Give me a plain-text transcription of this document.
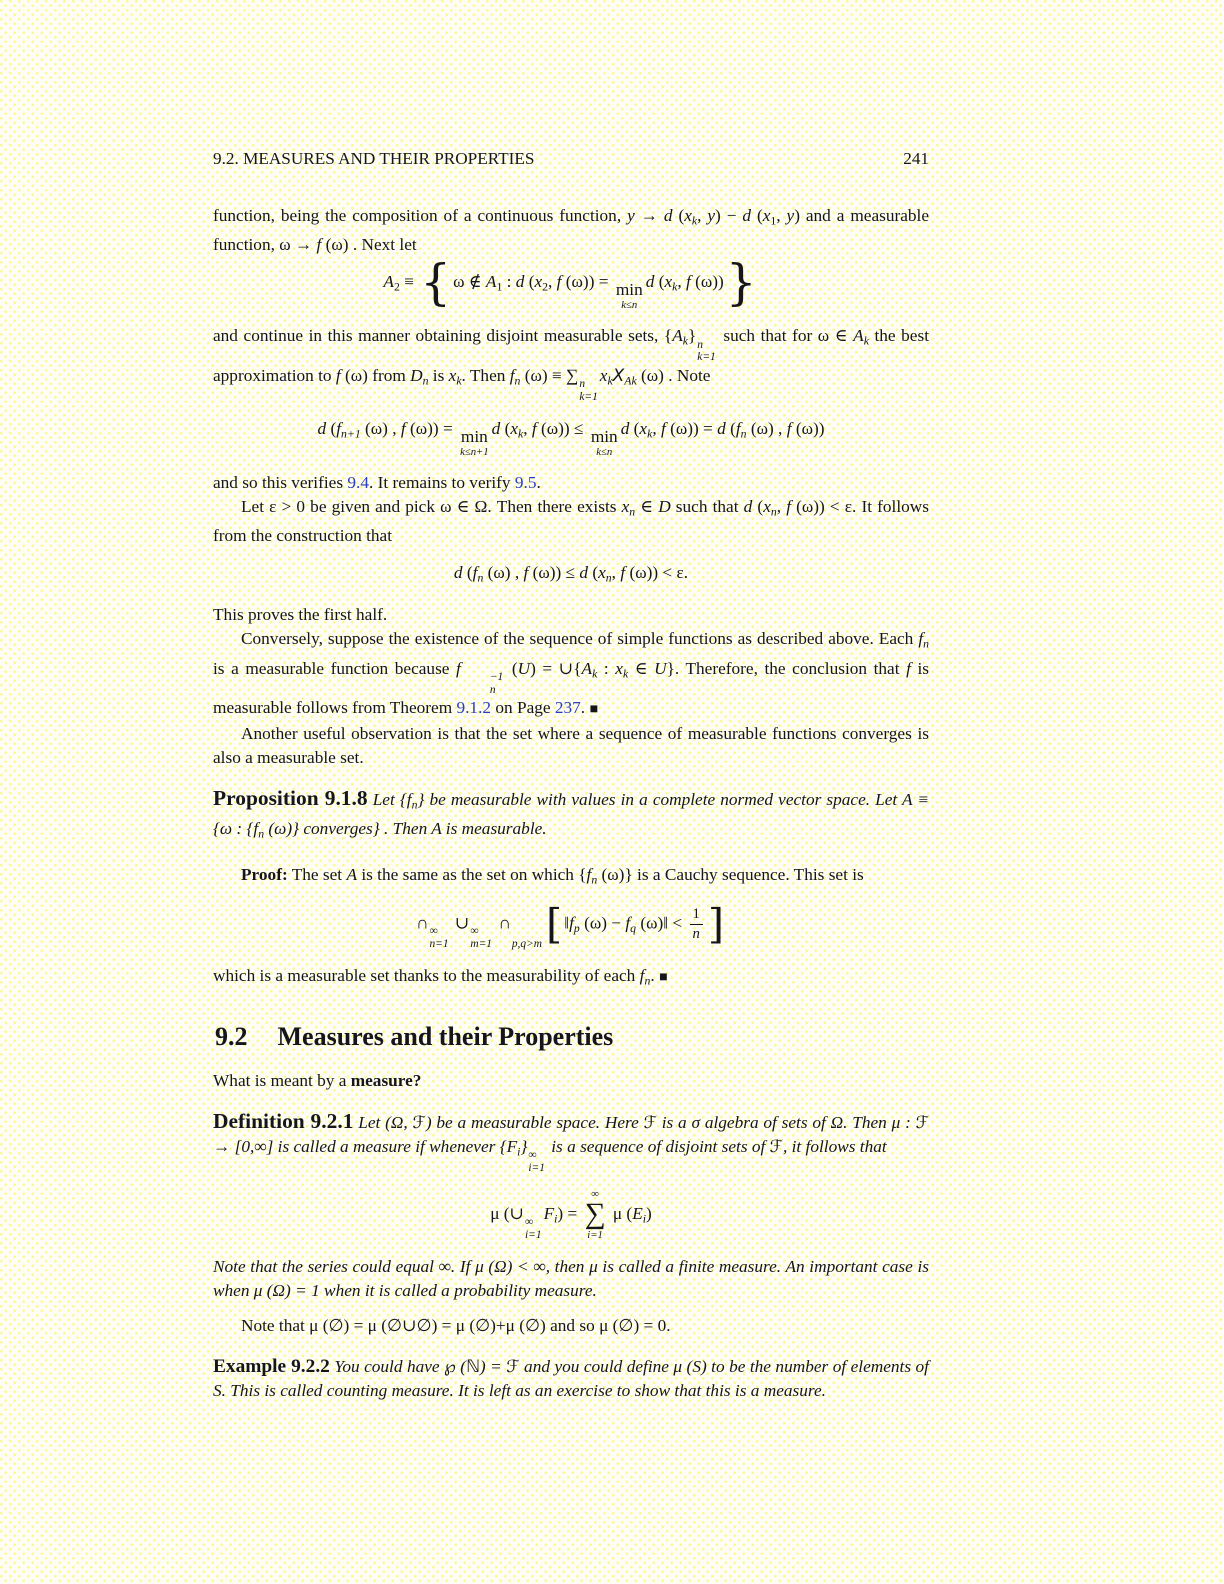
9.2. MEASURES AND THEIR PROPERTIES	241

function, being the composition of a continuous function, y → d ($x_k$, y) − d ($x_1$, y) and a measurable function, ω → f (ω) . Next let

$A_2$ ≡ { ω ∉ $A_1$ : d ($x_2$, f (ω)) = min
k≤n
d ($x_k$, f (ω))}

and continue in this manner obtaining disjoint measurable sets, $\{A_k\}$ n
k=1
such that for ω ∈ $A_k$ the best approximation to f (ω) from $D_n$ is $x_k$. Then $f_n$ (ω) ≡ ∑ n
k=1
$x_kX_{Ak}$ (ω) . Note

d ($f_{n+1}$ (ω) , f (ω)) = min
k≤n+1
d ($x_k$, f (ω)) ≤ min
k≤n
d ($x_k$, f (ω)) = d ($f_n$ (ω) , f (ω))

and so this verifies 9.4. It remains to verify 9.5.

Let ε > 0 be given and pick ω ∈ Ω. Then there exists $x_n$ ∈ D such that d ($x_n$, f (ω)) < ε. It follows from the construction that

d ($f_n$ (ω) , f (ω)) ≤ d ($x_n$, f (ω)) < ε.

This proves the first half.

Conversely, suppose the existence of the sequence of simple functions as described above. Each $f_n$ is a measurable function because f	−1
n
$(U) = \cup\{A_k$ : $x_k$ ∈ U}. Therefore, the conclusion that f is measurable follows from Theorem 9.1.2 on Page 237. ■

Another useful observation is that the set where a sequence of measurable functions converges is also a measurable set.

Proposition 9.1.8 Let $\{f_n\}$ be measurable with values in a complete normed vector space. Let A ≡ {ω : {$f_n$ (ω)} converges} . Then A is measurable.

Proof: The set A is the same as the set on which {$f_n$ (ω)} is a Cauchy sequence. This set is

∩ ∞
n=1
∪ ∞
m=1
∩

p,q>m [ $‖f_p$ $(\omega) - f_q$ (ω)‖ < $\frac{1}{n}$ ]

which is a measurable set thanks to the measurability of each $f_n$. ■

9.2 Measures and their Properties

What is meant by a measure?

Definition 9.2.1 Let (Ω, ℱ) be a measurable space. Here ℱ is a σ algebra of sets of Ω. Then μ : ℱ → [0,∞] is called a measure if whenever $\{F_i\}$ ∞
i=1
is a sequence of disjoint sets of ℱ, it follows that

μ (∪ ∞
i=1
$F_i$) =
∞
∑
i=1
μ $(E_i)$

Note that the series could equal ∞. If μ (Ω) < ∞, then μ is called a finite measure. An important case is when μ (Ω) = 1 when it is called a probability measure.

Note that μ (∅) = μ (∅∪∅) = μ (∅)+μ (∅) and so μ (∅) = 0.

Example 9.2.2 You could have ℘ (ℕ) = ℱ and you could define μ (S) to be the number of elements of S. This is called counting measure. It is left as an exercise to show that this is a measure.
